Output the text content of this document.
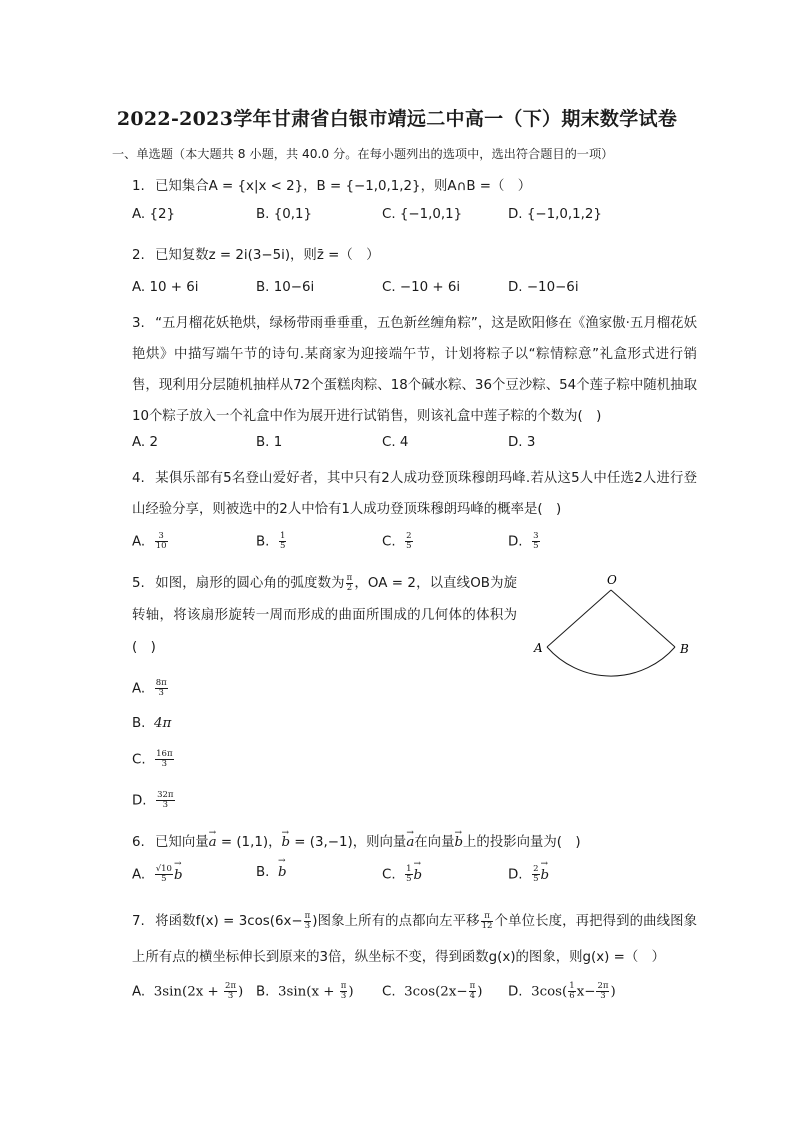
2022-2023学年甘肃省白银市靖远二中高一（下）期末数学试卷
一、单选题（本大题共 8 小题，共 40.0 分。在每小题列出的选项中，选出符合题目的一项）
1. 已知集合A = {x|x < 2}，B = {−1,0,1,2}，则A∩B =（　）
A. {2}	B. {0,1}	C. {−1,0,1}	D. {−1,0,1,2}
2. 已知复数z = 2i(3−5i)，则z̄ =（　）
A. 10 + 6i	B. 10−6i	C. −10 + 6i	D. −10−6i
3. “五月榴花妖艳烘，绿杨带雨垂垂重，五色新丝缠角粽”，这是欧阳修在《渔家傲·五月榴花妖艳烘》中描写端午节的诗句.某商家为迎接端午节，计划将粽子以“粽情粽意”礼盒形式进行销售，现利用分层随机抽样从72个蛋糕肉粽、18个碱水粽、36个豆沙粽、54个莲子粽中随机抽取10个粽子放入一个礼盒中作为展开进行试销售，则该礼盒中莲子粽的个数为(　)
A. 2	B. 1	C. 4	D. 3
4. 某俱乐部有5名登山爱好者，其中只有2人成功登顶珠穆朗玛峰.若从这5人中任选2人进行登山经验分享，则被选中的2人中恰有1人成功登顶珠穆朗玛峰的概率是(　)
A. $\frac{3}{10}$	B. $\frac{1}{5}$	C. $\frac{2}{5}$	D. $\frac{3}{5}$
5. 如图，扇形的圆心角的弧度数为 $\frac{\pi}{2}$ ，OA = 2，以直线OB为旋转轴，将该扇形旋转一周而形成的曲面所围成的几何体的体积为(　)
O
A	B
A. $\frac{8\pi}{3}$
B. 4π
C. $\frac{16\pi}{3}$
D. $\frac{32\pi}{3}$
6. 已知向量→ a = (1,1)，→ b = (3,−1)，则向量→ a在向量→ b上的投影向量为(　)
A. $\frac{√10}{5}$
→ b	B.  → b	C. $\frac{1}{5}$
→ b	D. $\frac{2}{5}$
→ b
7. 将函数$f(x) = 3\cos(6x- \frac{\pi}{3}$ )图象上所有的点都向左平移 $\frac{\pi}{12}$ 个单位长度，再把得到的曲线图象上所有点的横坐标伸长到原来的3倍，纵坐标不变，得到函数g(x)的图象，则g(x) =（　）
A. $3\sin(2x + \frac{2\pi}{3}$ ) B. $3\sin(x + \frac{\pi}{3}$ ) C. $3\cos(2x- \frac{\pi}{4}$ ) D. $3\cos( \frac{1}{6} x- \frac{2\pi}{3}$ )
